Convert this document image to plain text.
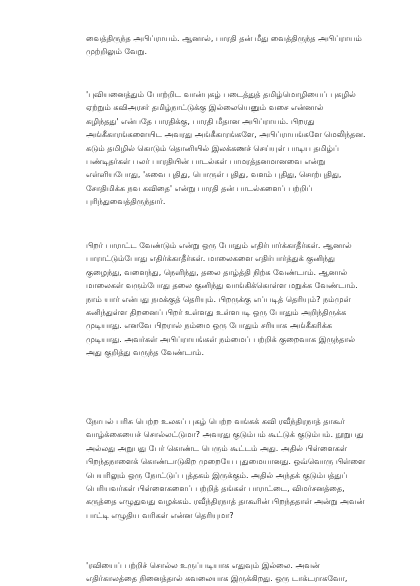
வைத்திருந்த அபிப்ராயம். ஆனால், பாரதி தன் மீது வைத்திருந்த அபிப்ராயம்
முற்றிலும் வேறு.
'புவியனைத்தும் போற்றிட வான்புகழ் படைத்துத் தமிழ்மொழியைப் புகழில்
ஏற்றும் கவிஅரசர் தமிழ்நாட்டுக்கு இல்லையெனும் வசை என்னால்
கழிந்தது' என்பதே பாரதிக்கு, பாரதி மீதான அபிப்ராயம். பிறரது
அங்கீகாரங்களையிட அவரது அங்கீகாரங்களே, அபிப்ராயங்களே மெலிந்தன.
கடும் தமிழில் கொடும் தொனியில் இலக்கணச் செய்யுள் பாடிய தமிழ்ப்
பண்டிதர்கள் பலர் பாரதியின் பாடல்கள் பாமரத்தனமானவை என்று
எள்ளியபோது, 'சுவை புதிது, பொருள் புதிது, வளம் புதிது, சொற்புதிது,
சோதிமிக்க நவ கவிதை' என்று பாரதி தன் பாடல்களைப் பற்றிப்
புரிந்துவைத்திருந்தார்.
பிறர் பாராட்ட வேண்டும் என்று ஒரு போதும் எதிர்பார்க்காதீர்கள். ஆனால்
பாராட்டும்போது எதிர்க்காதீர்கள். மாலைகளை எதிர்பார்த்துக் குனிந்து
குழைந்து, வளைந்து, நெளிந்து, தலை தாழ்த்தி நிற்க வேண்டாம். ஆனால்
மாலைகள் வரும்போது தலை குனிந்து வாங்கிக்கொள்ள மறுக்க வேண்டாம்.
நாம் யார் என்பது நமக்குத் தெரியும். பிறருக்கு எப்படித் தெரியும்? நம்முள்
கனிந்துள்ள திறனைப் பிறர் உள்ளது உள்ளபடி ஒரு போதும் அறிந்திருக்க
முடியாது. எனவே பிறரால் நம்மை ஒரு போதும் சரியாக அங்கீகரிக்க
முடியாது. அவர்கள் அபிப்ராயங்கள் நம்மைப் பற்றிக் குறைவாக இருந்தால்
அது குறித்து வருந்த வேண்டாம்.
நோபல் பரிசு பெற்ற உலகப் புகழ் பெற்ற வங்கக் கவி ரவீந்திரநாத் தாகூர்
வாழ்க்கையைச் சொல்லட்டுமா? அவரது குடும்பம் கூட்டுக் குடும்பம். நூறுபது
அல்லது அறுபது பேர் கொண்ட பெரும் கூட்டம் அது. அதில் பிள்ளைகள்
பிறந்தநாளைக் கொண்டாடுகிற முறையே புதுமையானது. ஒவ்வொரு பிள்ளை
பெயரிலும் ஒரு நோட்டுப் புத்தகம் இருக்கும். அதில் அந்தக் குடும்பத்துப்
பெரியவர்கள் பிள்ளைகளைப் பற்றித் தங்கள் பாராட்டை, விமர்சனத்தை,
கருத்தை எழுதுவது வழக்கம். ரவீந்திரநாத் தாகூரின் பிறந்ததாள் அன்று அவன்
பாட்டி எழுதிய வரிகள் என்ன தெரியுமா?
'ரவியைப் பற்றிச் சொல்ல உருப்படியாக எதுவும் இல்லை. அவன்
எதிர்காலத்தை நினைத்தால் கவலையாக இருக்கிறது. ஒரு டாக்டராகவோ,
